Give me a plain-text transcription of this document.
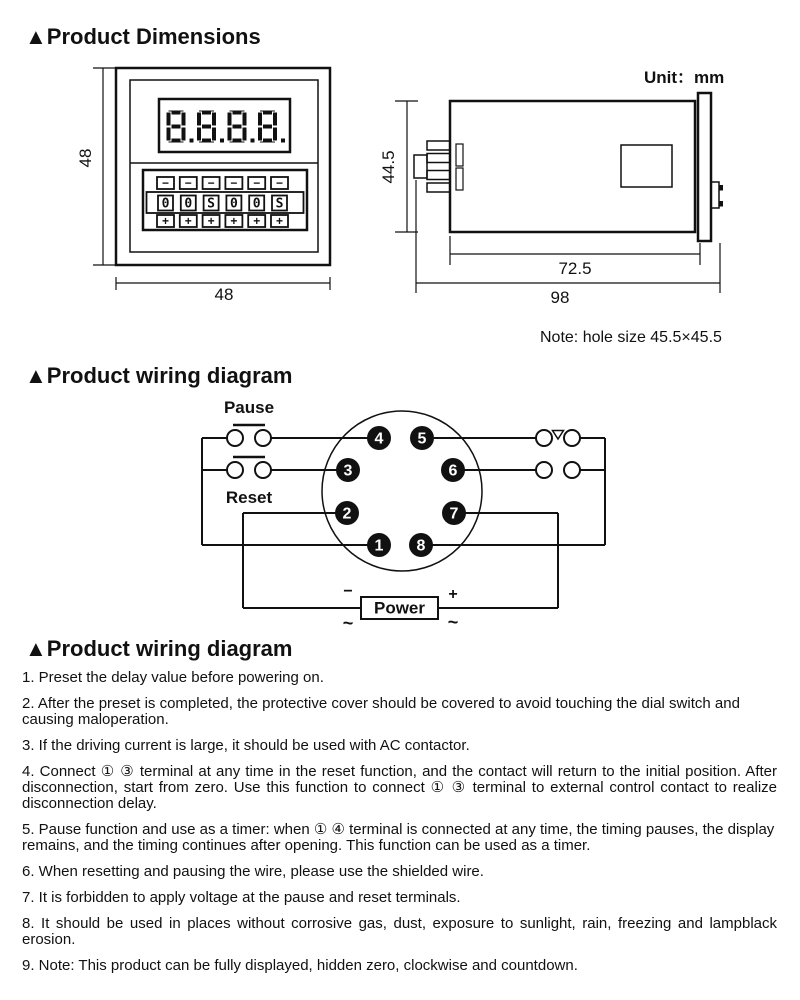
▲Product Dimensions
Unit：mm
Note: hole size 45.5×45.5
▲Product wiring diagram
▲Product wiring diagram
− − − − − −
0 0 S 0 0 S
+ + + + + +
48
48
44.5
72.5
98
4 5
3	6
2	7
1 8
Power
−
~
+
~
Pause
Reset

1. Preset the delay value before powering on.

2. After the preset is completed, the protective cover should be covered to avoid touching the dial switch and causing maloperation.

3. If the driving current is large, it should be used with AC contactor.

4. Connect ① ③ terminal at any time in the reset function, and the contact will return to the initial position. After disconnection, start from zero. Use this function to connect ① ③ terminal to external control contact to realize disconnection delay.

5. Pause function and use as a timer: when ① ④ terminal is connected at any time, the timing pauses, the display remains, and the timing continues after opening. This function can be used as a timer.

6. When resetting and pausing the wire, please use the shielded wire.

7. It is forbidden to apply voltage at the pause and reset terminals.

8. It should be used in places without corrosive gas, dust, exposure to sunlight, rain, freezing and lampblack erosion.

9. Note: This product can be fully displayed, hidden zero, clockwise and countdown.
